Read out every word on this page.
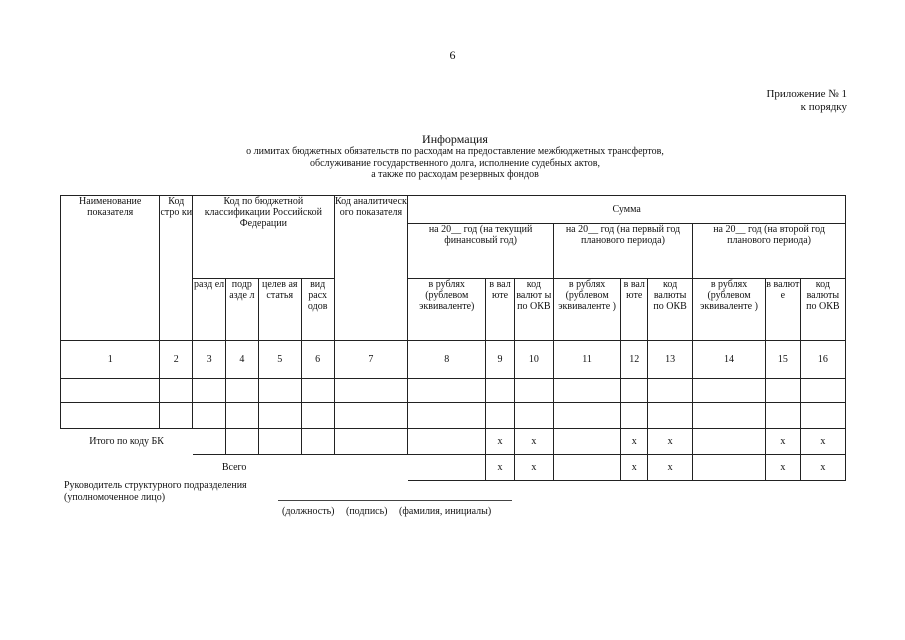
6
Приложение № 1
к порядку
Информация
о лимитах бюджетных обязательств по расходам на предоставление межбюджетных трансфертов,
обслуживание государственного долга, исполнение судебных актов,
а также по расходам резервных фондов
Наименование показателя	Код стро ки	Код по бюджетной классификации Российской Федерации				Код аналитическ ого показателя	Сумма								
							на 20__ год (на текущий финансовый год)			на 20__ год (на первый год планового периода)			на 20__ год (на второй год планового периода)		
		разд ел	подр азде л	целев ая статья	вид расх одов		в рублях (рублевом эквиваленте)	в вал юте	код валют ы по ОКВ	в рублях (рублевом эквиваленте )	в вал юте	код валюты по ОКВ	в рублях (рублевом эквиваленте )	в валют е	код валюты по ОКВ
1	2	3	4	5	6	7	8	9	10	11	12	13	14	15	16

Итого по коду БК								x	x		x	x		x	x
Всего								x	x		x	x		x	x
Руководитель структурного подразделения
(уполномоченное лицо)
(должность) (подпись) (фамилия, инициалы)
